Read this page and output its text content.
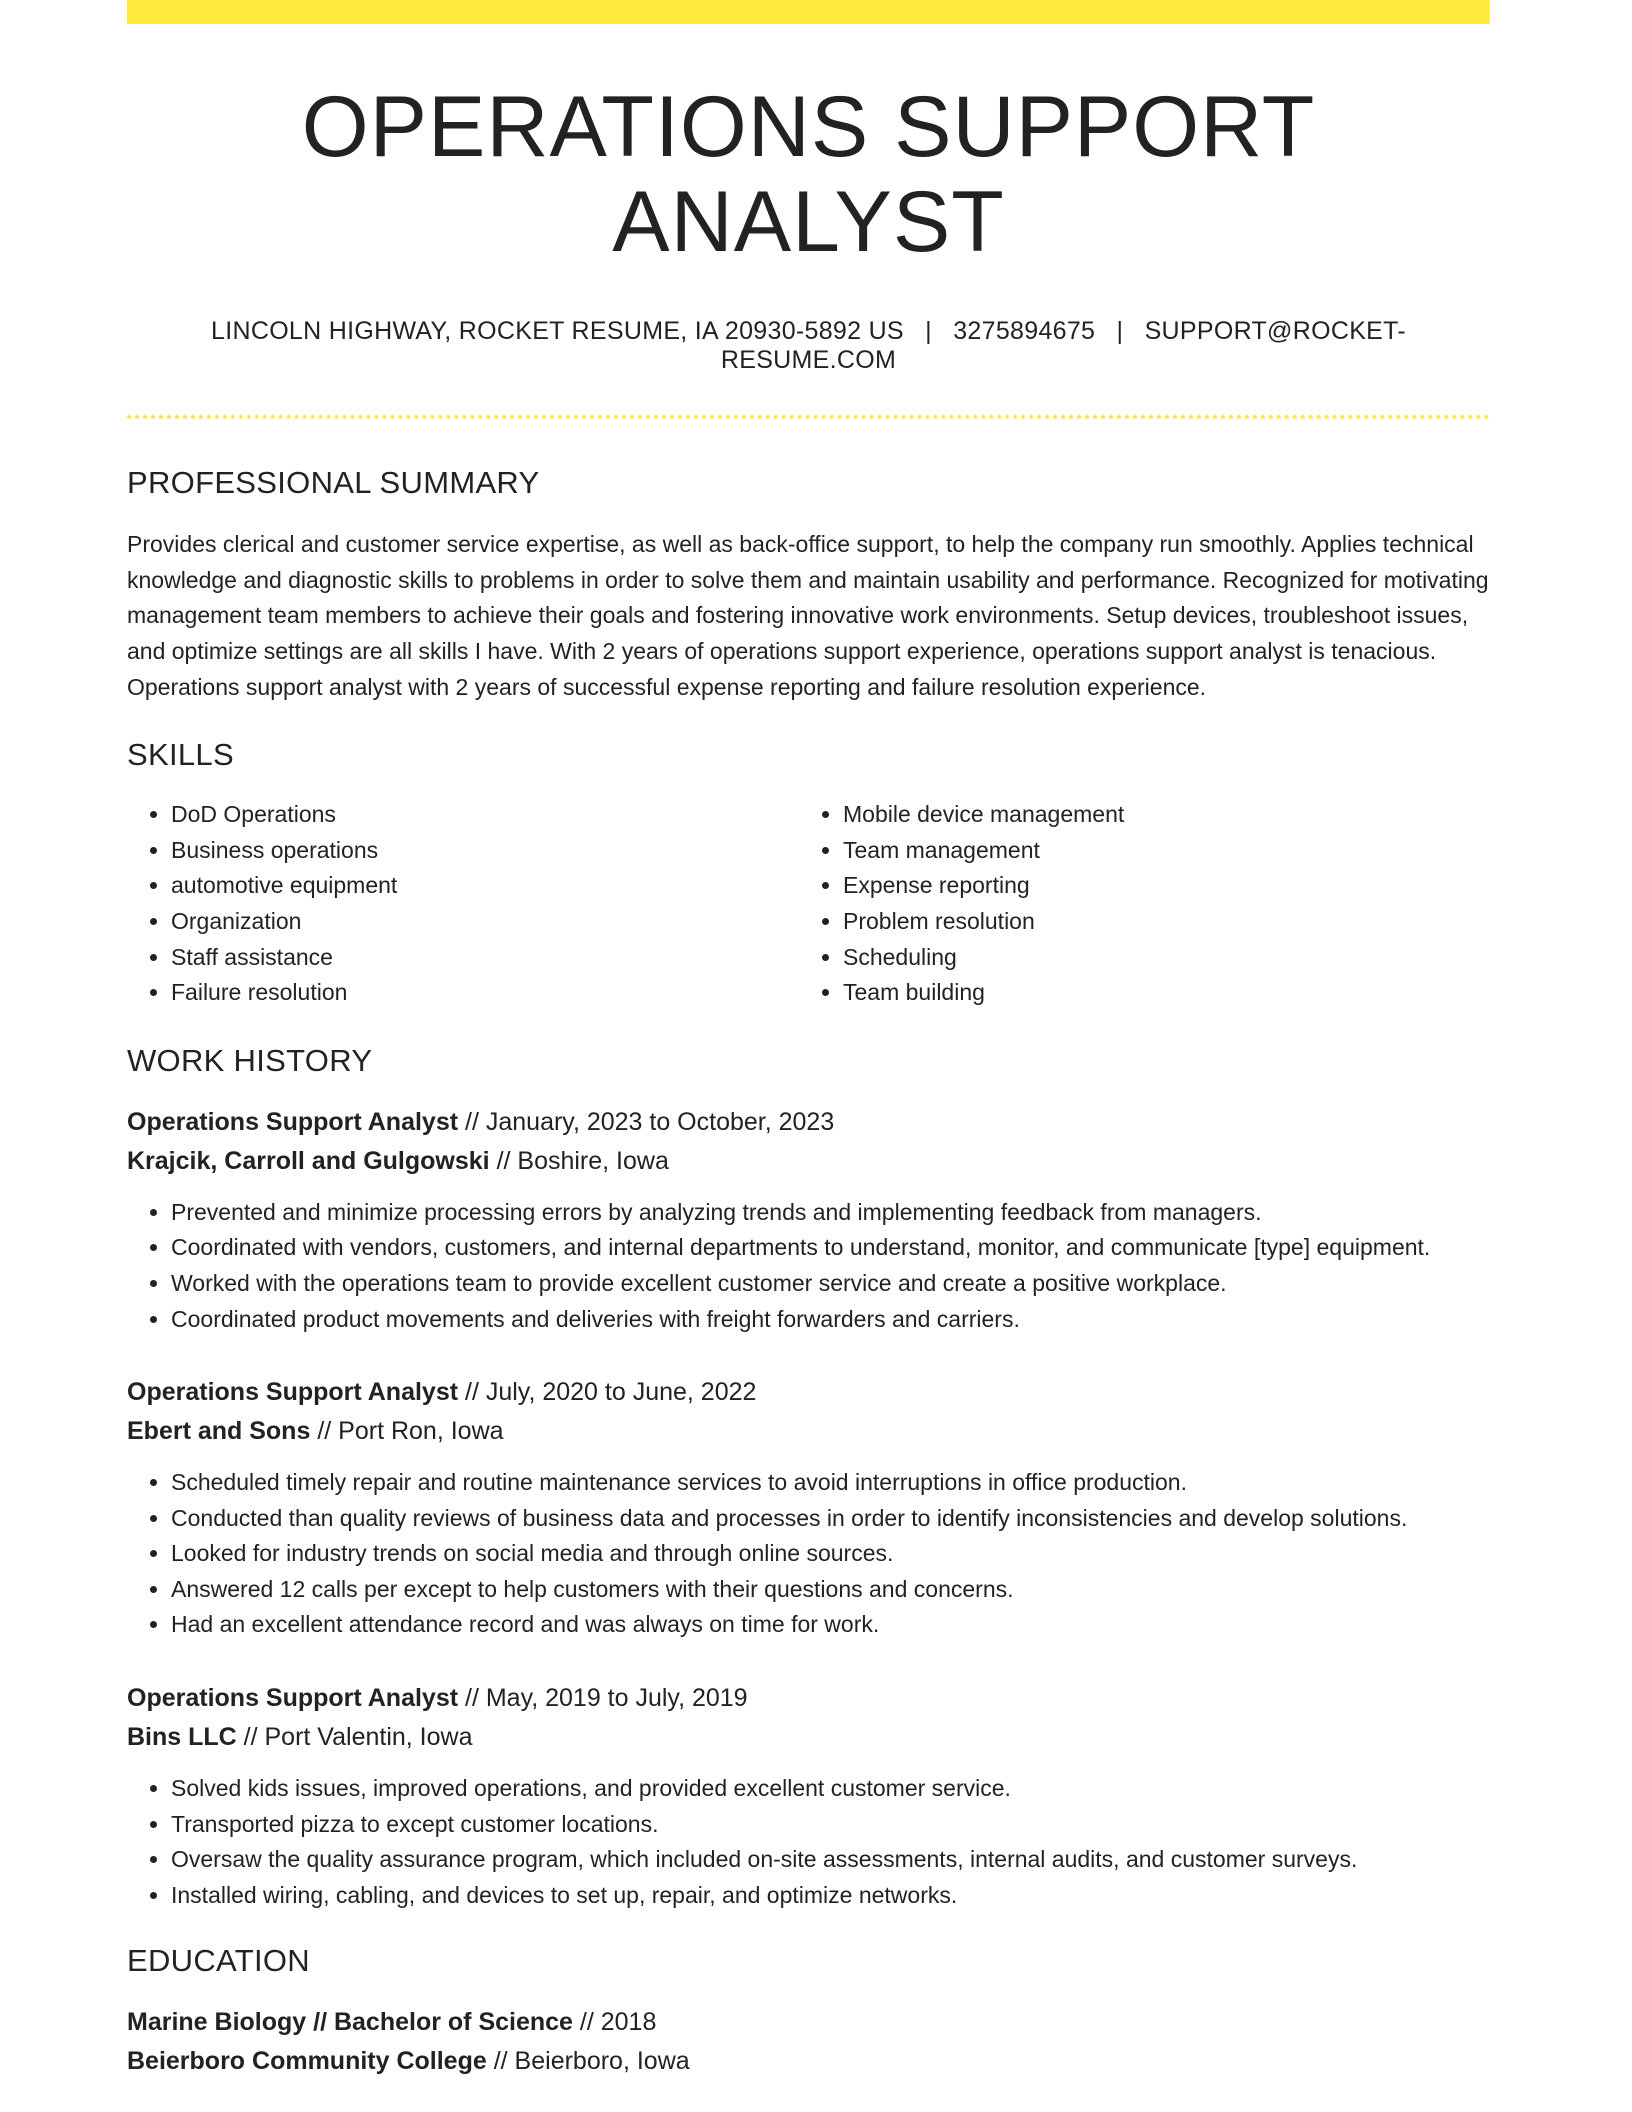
OPERATIONS SUPPORT ANALYST
LINCOLN HIGHWAY, ROCKET RESUME, IA 20930-5892 US | 3275894675 | SUPPORT@ROCKET-RESUME.COM
PROFESSIONAL SUMMARY
Provides clerical and customer service expertise, as well as back-office support, to help the company run smoothly. Applies technical knowledge and diagnostic skills to problems in order to solve them and maintain usability and performance. Recognized for motivating management team members to achieve their goals and fostering innovative work environments. Setup devices, troubleshoot issues, and optimize settings are all skills I have. With 2 years of operations support experience, operations support analyst is tenacious. Operations support analyst with 2 years of successful expense reporting and failure resolution experience.
SKILLS
• DoD Operations
• Business operations
• automotive equipment
• Organization
• Staff assistance
• Failure resolution
• Mobile device management
• Team management
• Expense reporting
• Problem resolution
• Scheduling
• Team building
WORK HISTORY
Operations Support Analyst // January, 2023 to October, 2023
Krajcik, Carroll and Gulgowski // Boshire, Iowa
• Prevented and minimize processing errors by analyzing trends and implementing feedback from managers.
• Coordinated with vendors, customers, and internal departments to understand, monitor, and communicate [type] equipment.
• Worked with the operations team to provide excellent customer service and create a positive workplace.
• Coordinated product movements and deliveries with freight forwarders and carriers.
Operations Support Analyst // July, 2020 to June, 2022
Ebert and Sons // Port Ron, Iowa
• Scheduled timely repair and routine maintenance services to avoid interruptions in office production.
• Conducted than quality reviews of business data and processes in order to identify inconsistencies and develop solutions.
• Looked for industry trends on social media and through online sources.
• Answered 12 calls per except to help customers with their questions and concerns.
• Had an excellent attendance record and was always on time for work.
Operations Support Analyst // May, 2019 to July, 2019
Bins LLC // Port Valentin, Iowa
• Solved kids issues, improved operations, and provided excellent customer service.
• Transported pizza to except customer locations.
• Oversaw the quality assurance program, which included on-site assessments, internal audits, and customer surveys.
• Installed wiring, cabling, and devices to set up, repair, and optimize networks.
EDUCATION
Marine Biology // Bachelor of Science // 2018
Beierboro Community College // Beierboro, Iowa
